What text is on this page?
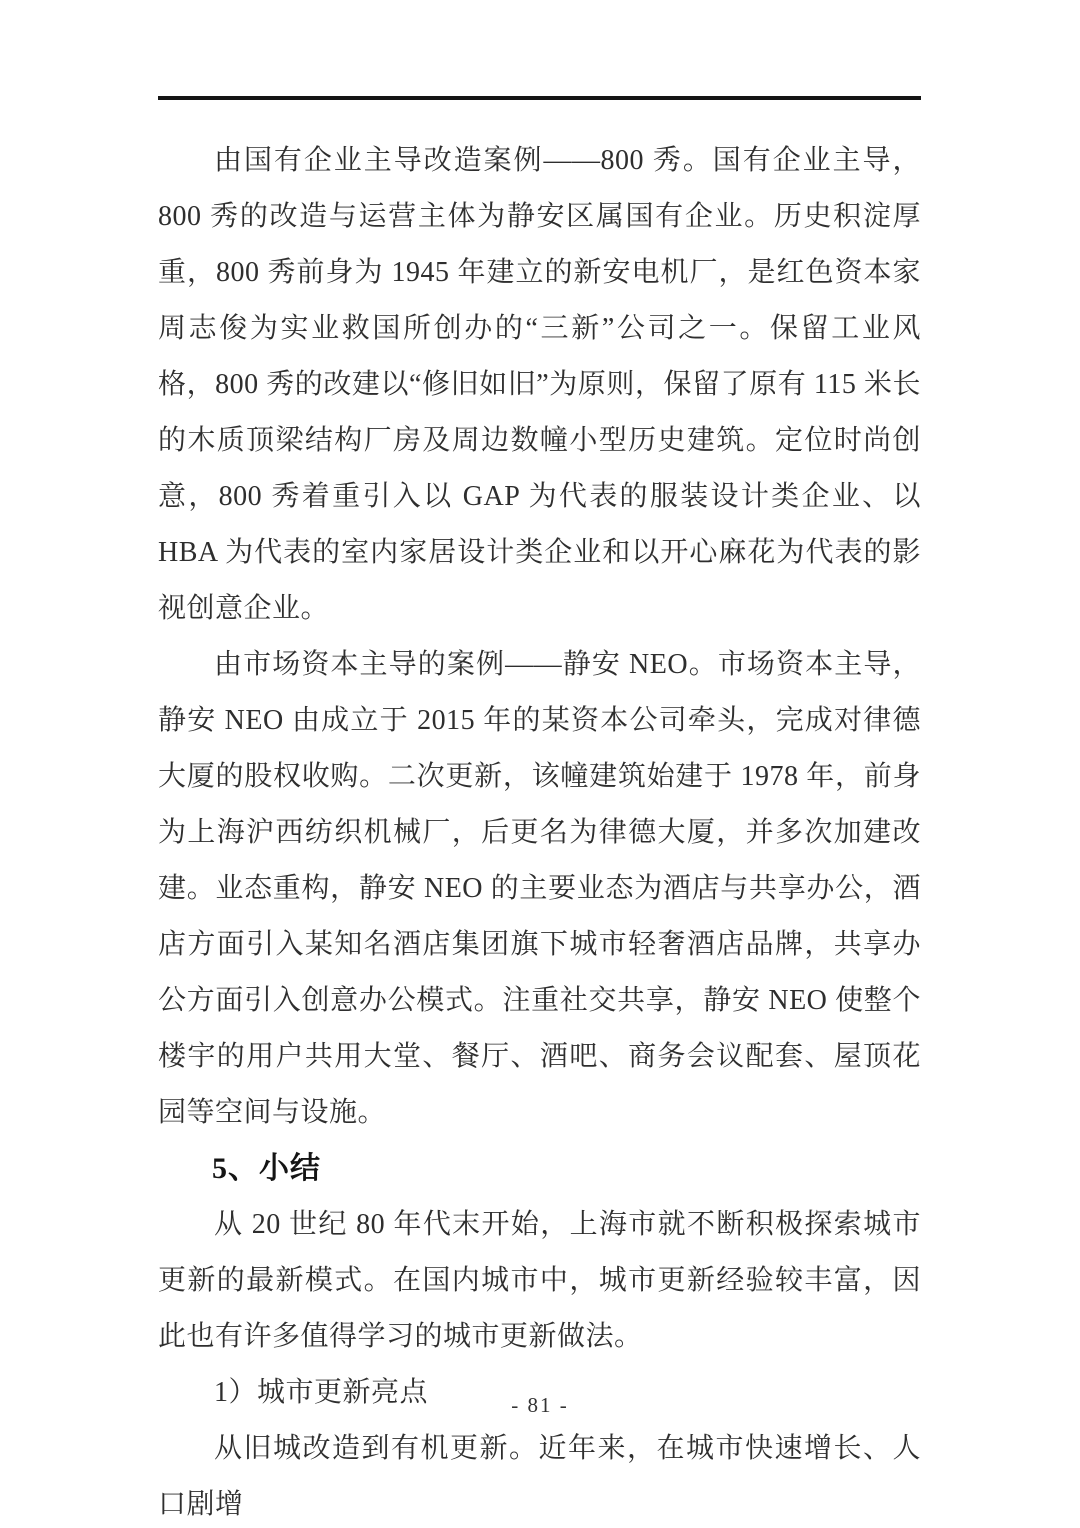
由国有企业主导改造案例——800 秀。国有企业主导，800 秀的改造与运营主体为静安区属国有企业。历史积淀厚重，800 秀前身为 1945 年建立的新安电机厂，是红色资本家周志俊为实业救国所创办的“三新”公司之一。保留工业风格，800 秀的改建以“修旧如旧”为原则，保留了原有 115 米长的木质顶梁结构厂房及周边数幢小型历史建筑。定位时尚创意，800 秀着重引入以 GAP 为代表的服装设计类企业、以 HBA 为代表的室内家居设计类企业和以开心麻花为代表的影视创意企业。

由市场资本主导的案例——静安 NEO。市场资本主导，静安 NEO 由成立于 2015 年的某资本公司牵头，完成对律德大厦的股权收购。二次更新，该幢建筑始建于 1978 年，前身为上海沪西纺织机械厂，后更名为律德大厦，并多次加建改建。业态重构，静安 NEO 的主要业态为酒店与共享办公，酒店方面引入某知名酒店集团旗下城市轻奢酒店品牌，共享办公方面引入创意办公模式。注重社交共享，静安 NEO 使整个楼宇的用户共用大堂、餐厅、酒吧、商务会议配套、屋顶花园等空间与设施。

5、小结

从 20 世纪 80 年代末开始，上海市就不断积极探索城市更新的最新模式。在国内城市中，城市更新经验较丰富，因此也有许多值得学习的城市更新做法。

1）城市更新亮点

从旧城改造到有机更新。近年来，在城市快速增长、人口剧增

- 81 -
